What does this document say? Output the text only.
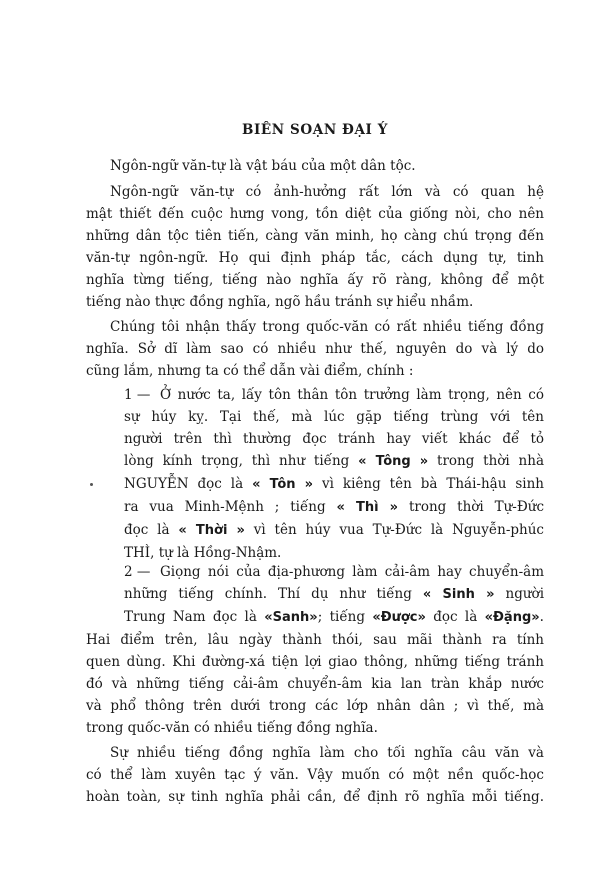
BIÊN SOẠN ĐẠI Ý
Ngôn-ngữ văn-tự là vật báu của một dân tộc.
Ngôn-ngữ văn-tự có ảnh-hưởng rất lớn và có quan hệ
mật thiết đến cuộc hưng vong, tồn diệt của giống nòi, cho nên
những dân tộc tiên tiến, càng văn minh, họ càng chú trọng đến
văn-tự ngôn-ngữ. Họ qui định pháp tắc, cách dụng tự, tinh
nghĩa từng tiếng, tiếng nào nghĩa ấy rõ ràng, không để một
tiếng nào thực đồng nghĩa, ngõ hầu tránh sự hiểu nhầm.
Chúng tôi nhận thấy trong quốc-văn có rất nhiều tiếng đồng
nghĩa. Sở dĩ làm sao có nhiều như thế, nguyên do và lý do
cũng lắm, nhưng ta có thể dẫn vài điểm, chính :
1 — Ở nước ta, lấy tôn thân tôn trưởng làm trọng, nên có
sự húy kỵ. Tại thế, mà lúc gặp tiếng trùng với tên
người trên thì thường đọc tránh hay viết khác để tỏ
lòng kính trọng, thì như tiếng « Tông » trong thời nhà
NGUYỄN đọc là « Tôn » vì kiêng tên bà Thái-hậu sinh
ra vua Minh-Mệnh ; tiếng « Thì » trong thời Tự-Đức
đọc là « Thời » vì tên húy vua Tự-Đức là Nguyễn-phúc
THÌ, tự là Hồng-Nhậm.
2 — Giọng nói của địa-phương làm cải-âm hay chuyển-âm
những tiếng chính. Thí dụ như tiếng « Sinh » người
Trung Nam đọc là «Sanh»; tiếng «Được» đọc là «Đặng».
Hai điểm trên, lâu ngày thành thói, sau mãi thành ra tính
quen dùng. Khi đường-xá tiện lợi giao thông, những tiếng tránh
đó và những tiếng cải-âm chuyển-âm kia lan tràn khắp nước
và phổ thông trên dưới trong các lớp nhân dân ; vì thế, mà
trong quốc-văn có nhiều tiếng đồng nghĩa.
Sự nhiều tiếng đồng nghĩa làm cho tối nghĩa câu văn và
có thể làm xuyên tạc ý văn. Vậy muốn có một nền quốc-học
hoàn toàn, sự tinh nghĩa phải cần, để định rõ nghĩa mỗi tiếng.
